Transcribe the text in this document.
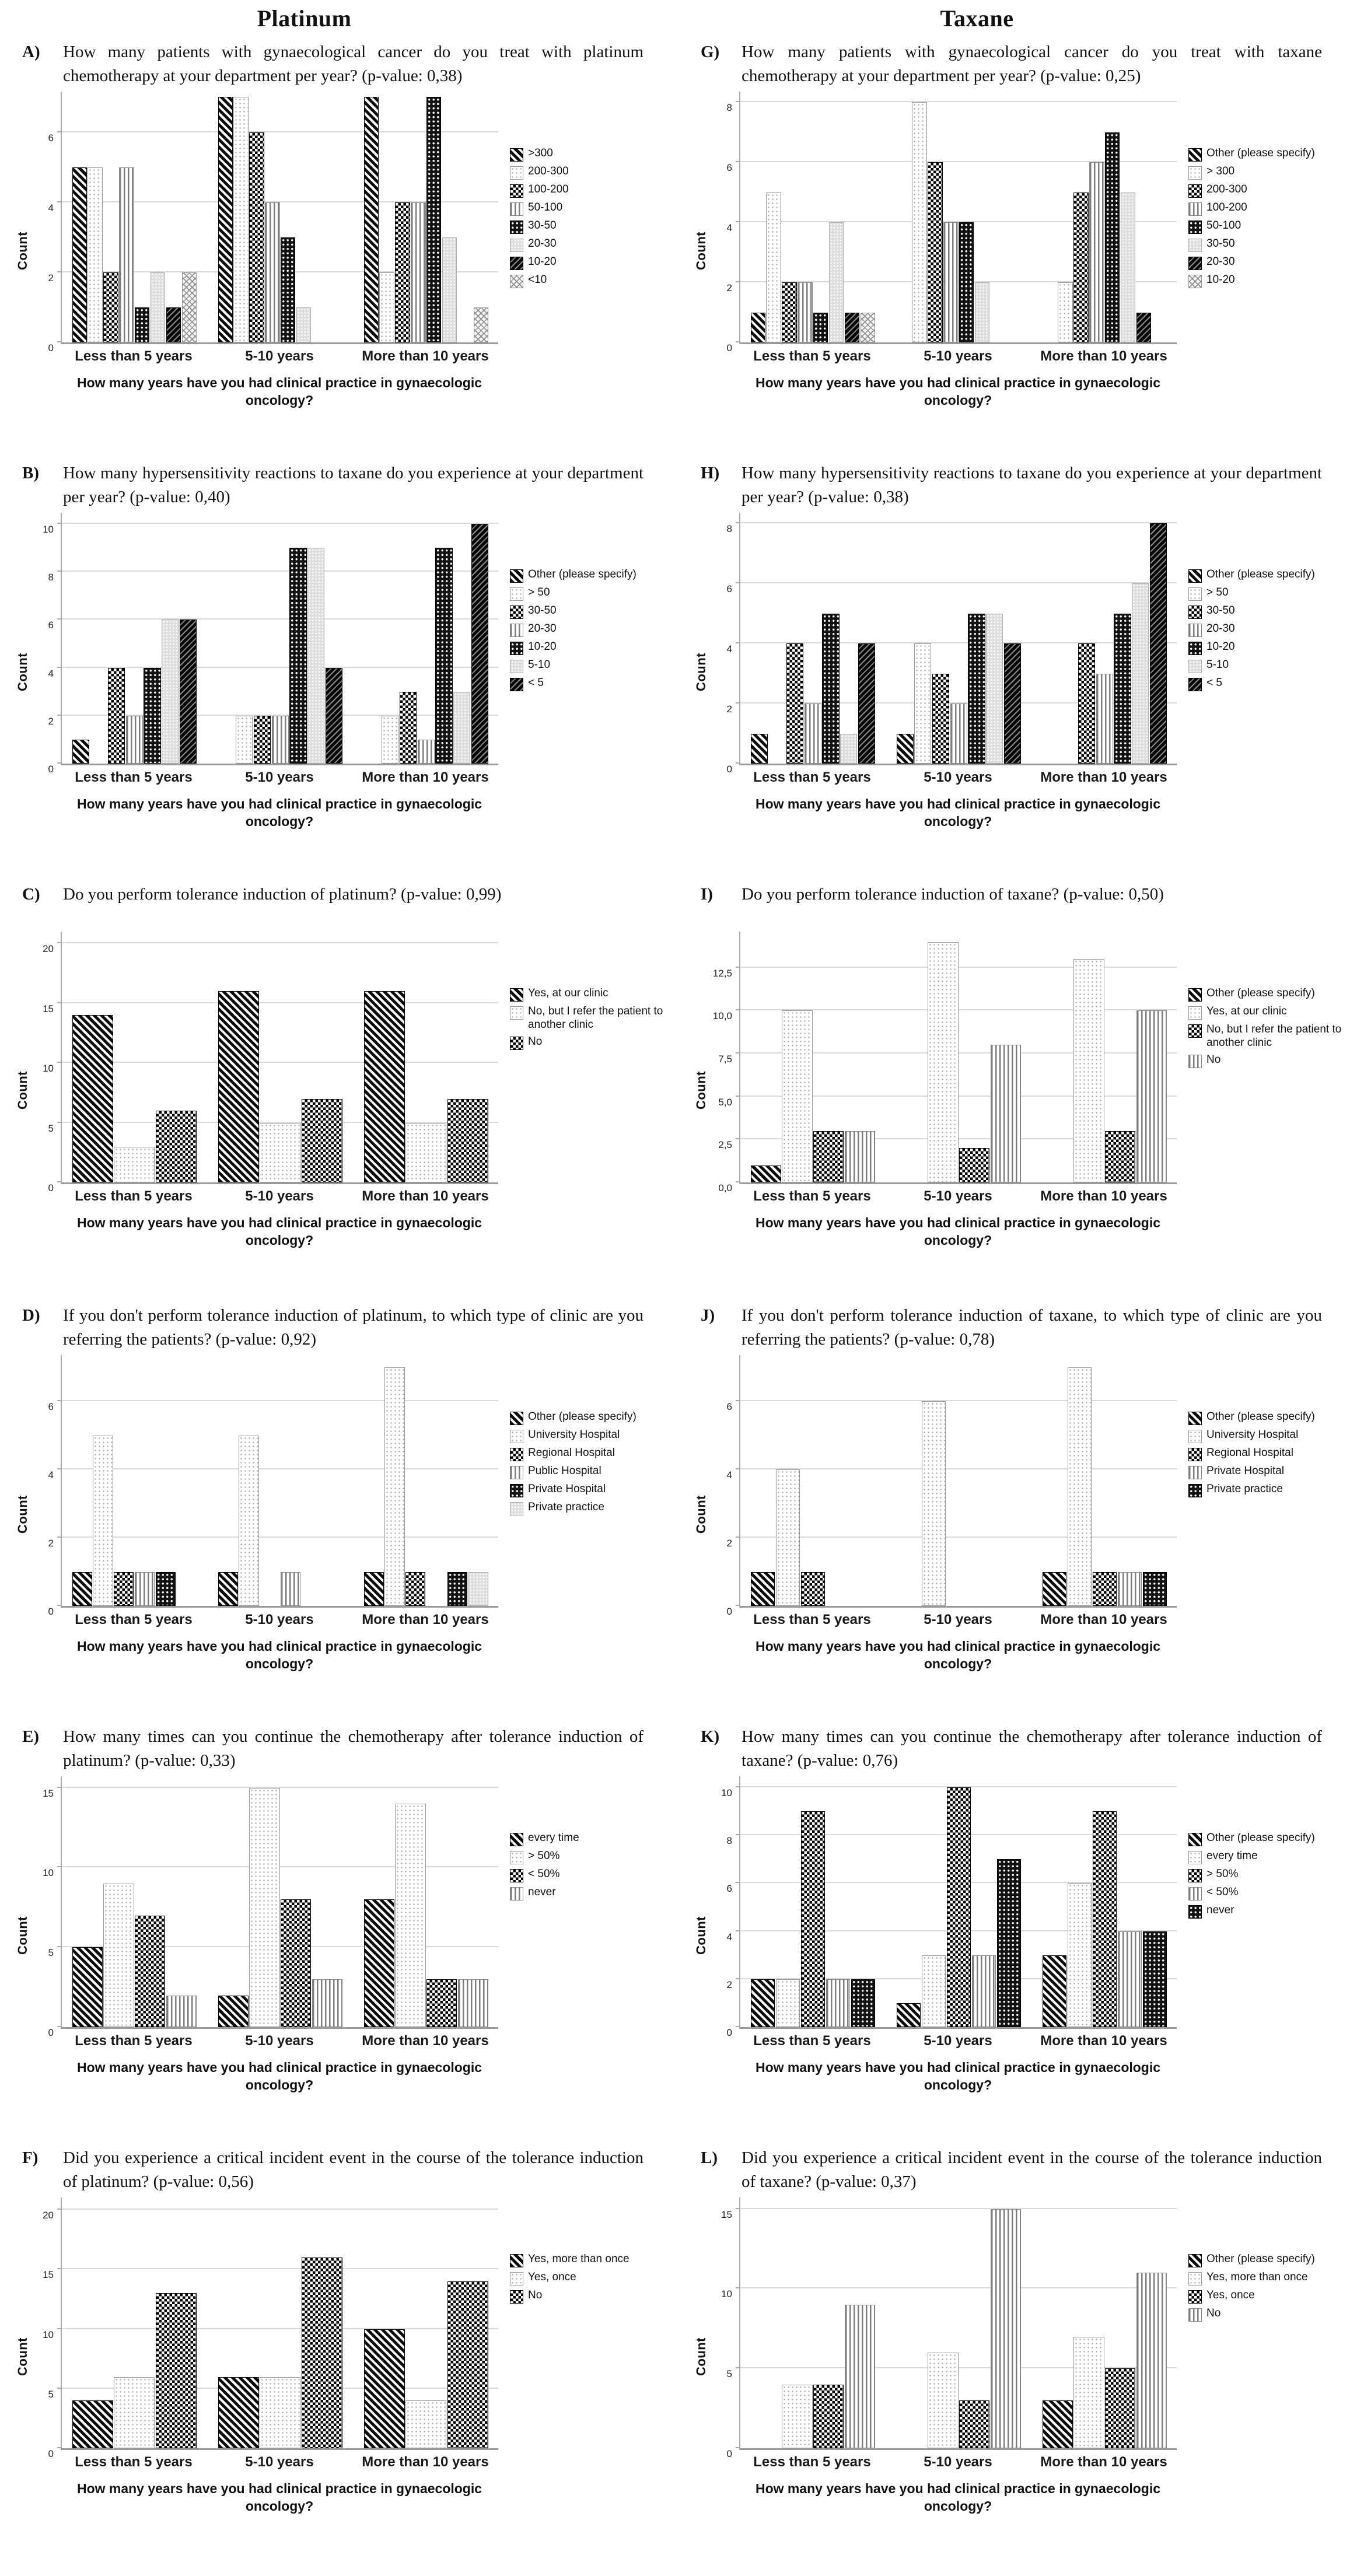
Platinum	Taxane
A)	How many patients with gynaecological cancer do you treat with platinum chemotherapy at your department per year? (p-value: 0,38)
Count
0
2
4
6
Less than 5 years	5-10 years	More than 10 years
How many years have you had clinical practice in gynaecologic oncology?
>300
200-300
100-200
50-100
30-50
20-30
10-20
<10
G)	How many patients with gynaecological cancer do you treat with taxane chemotherapy at your department per year? (p-value: 0,25)
Count
0
2
4
6
8
Less than 5 years	5-10 years	More than 10 years
How many years have you had clinical practice in gynaecologic oncology?
Other (please specify)
> 300
200-300
100-200
50-100
30-50
20-30
10-20
B)	How many hypersensitivity reactions to taxane do you experience at your department per year? (p-value: 0,40)
Count
0
2
4
6
8
10
Less than 5 years	5-10 years	More than 10 years
How many years have you had clinical practice in gynaecologic oncology?
Other (please specify)
> 50
30-50
20-30
10-20
5-10
< 5
H)	How many hypersensitivity reactions to taxane do you experience at your department per year? (p-value: 0,38)
Count
0
2
4
6
8
Less than 5 years	5-10 years	More than 10 years
How many years have you had clinical practice in gynaecologic oncology?
Other (please specify)
> 50
30-50
20-30
10-20
5-10
< 5
C)	Do you perform tolerance induction of platinum? (p-value: 0,99)
Count
0
5
10
15
20
Less than 5 years	5-10 years	More than 10 years
How many years have you had clinical practice in gynaecologic oncology?
Yes, at our clinic
No, but I refer the patient to another clinic
No
I)	Do you perform tolerance induction of taxane? (p-value: 0,50)
Count
0,0
2,5
5,0
7,5
10,0
12,5
Less than 5 years	5-10 years	More than 10 years
How many years have you had clinical practice in gynaecologic oncology?
Other (please specify)
Yes, at our clinic
No, but I refer the patient to another clinic
No
D)	If you don't perform tolerance induction of platinum, to which type of clinic are you referring the patients? (p-value: 0,92)
Count
0
2
4
6
Less than 5 years	5-10 years	More than 10 years
How many years have you had clinical practice in gynaecologic oncology?
Other (please specify)
University Hospital
Regional Hospital
Public Hospital
Private Hospital
Private practice
J)	If you don't perform tolerance induction of taxane, to which type of clinic are you referring the patients? (p-value: 0,78)
Count
0
2
4
6
Less than 5 years	5-10 years	More than 10 years
How many years have you had clinical practice in gynaecologic oncology?
Other (please specify)
University Hospital
Regional Hospital
Private Hospital
Private practice
E)	How many times can you continue the chemotherapy after tolerance induction of platinum? (p-value: 0,33)
Count
0
5
10
15
Less than 5 years	5-10 years	More than 10 years
How many years have you had clinical practice in gynaecologic oncology?
every time
> 50%
< 50%
never
K)	How many times can you continue the chemotherapy after tolerance induction of taxane? (p-value: 0,76)
Count
0
2
4
6
8
10
Less than 5 years	5-10 years	More than 10 years
How many years have you had clinical practice in gynaecologic oncology?
Other (please specify)
every time
> 50%
< 50%
never
F)	Did you experience a critical incident event in the course of the tolerance induction of platinum? (p-value: 0,56)
Count
0
5
10
15
20
Less than 5 years	5-10 years	More than 10 years
How many years have you had clinical practice in gynaecologic oncology?
Yes, more than once
Yes, once
No
L)	Did you experience a critical incident event in the course of the tolerance induction of taxane? (p-value: 0,37)
Count
0
5
10
15
Less than 5 years	5-10 years	More than 10 years
How many years have you had clinical practice in gynaecologic oncology?
Other (please specify)
Yes, more than once
Yes, once
No
